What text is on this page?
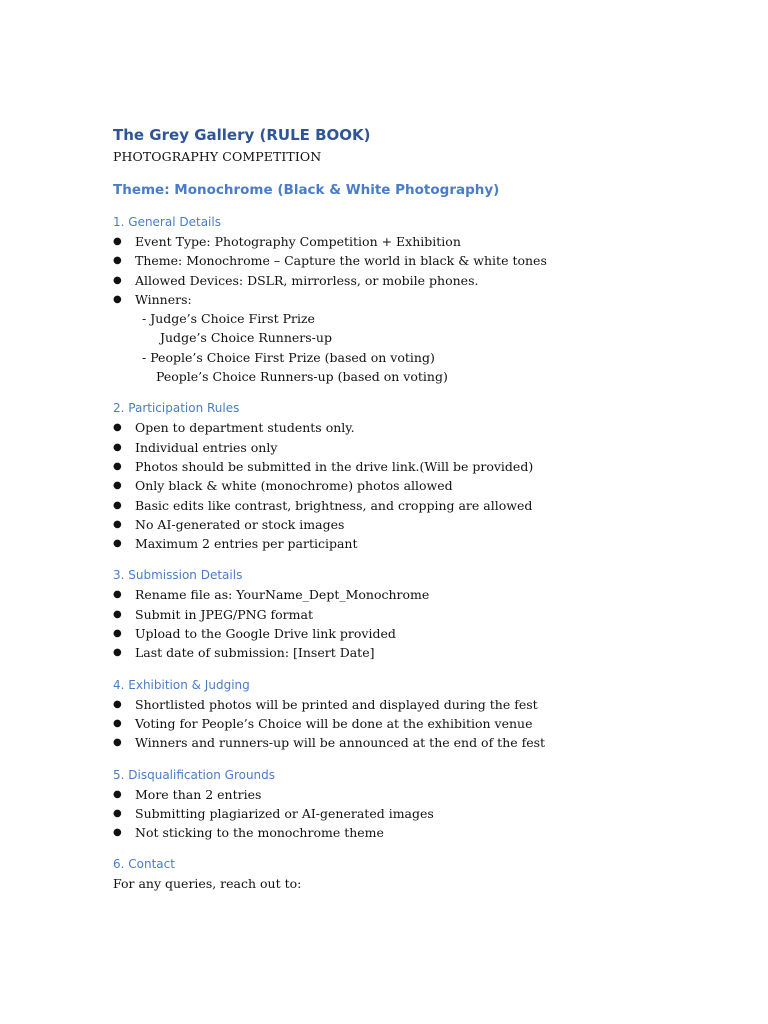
The Grey Gallery (RULE BOOK)
PHOTOGRAPHY COMPETITION
Theme: Monochrome (Black & White Photography)
1. General Details
● Event Type: Photography Competition + Exhibition
● Theme: Monochrome – Capture the world in black & white tones
● Allowed Devices: DSLR, mirrorless, or mobile phones.
● Winners:
- Judge’s Choice First Prize
Judge’s Choice Runners-up
- People’s Choice First Prize (based on voting)
People’s Choice Runners-up (based on voting)
2. Participation Rules
● Open to department students only.
● Individual entries only
● Photos should be submitted in the drive link.(Will be provided)
● Only black & white (monochrome) photos allowed
● Basic edits like contrast, brightness, and cropping are allowed
● No AI-generated or stock images
● Maximum 2 entries per participant
3. Submission Details
● Rename file as: YourName_Dept_Monochrome
● Submit in JPEG/PNG format
● Upload to the Google Drive link provided
● Last date of submission: [Insert Date]
4. Exhibition & Judging
● Shortlisted photos will be printed and displayed during the fest
● Voting for People’s Choice will be done at the exhibition venue
● Winners and runners-up will be announced at the end of the fest
5. Disqualification Grounds
● More than 2 entries
● Submitting plagiarized or AI-generated images
● Not sticking to the monochrome theme
6. Contact

For any queries, reach out to:
